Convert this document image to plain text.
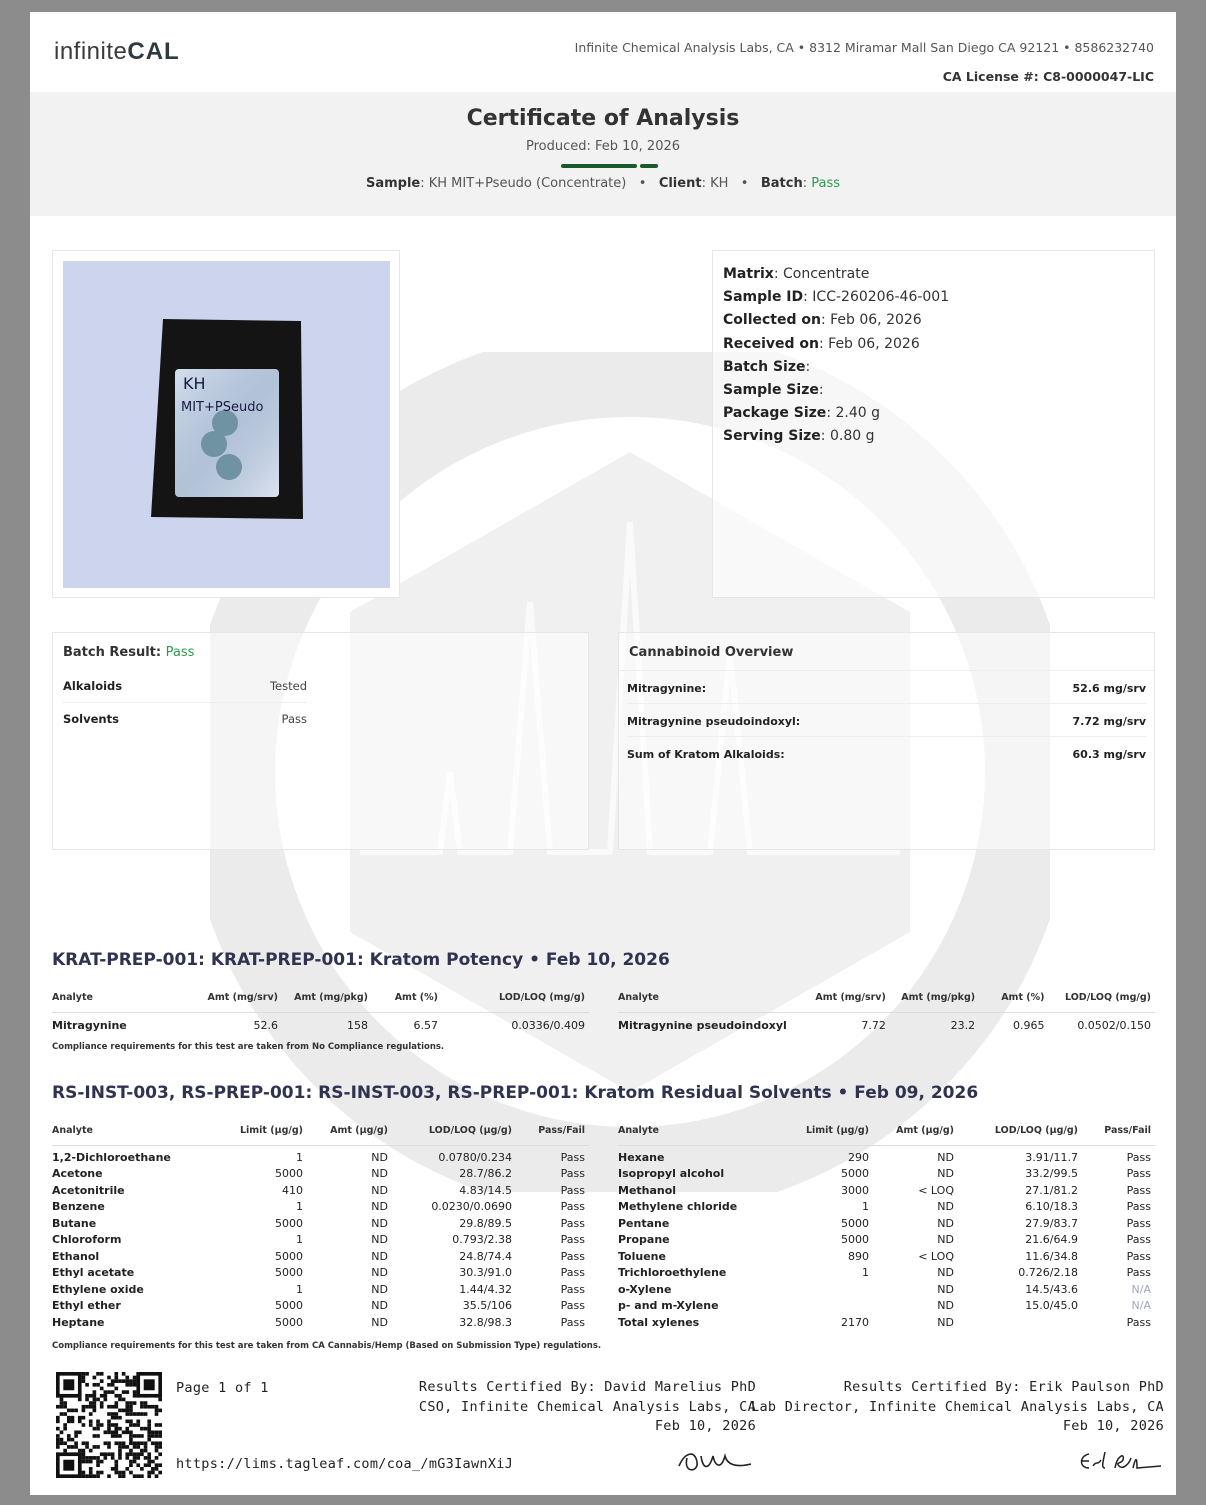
infiniteCAL	Infinite Chemical Analysis Labs, CA • 8312 Miramar Mall San Diego CA 92121 • 8586232740
CA License #: C8-0000047-LIC
Certificate of Analysis
Produced: Feb 10, 2026
Sample: KH MIT+Pseudo (Concentrate) • Client: KH • Batch: Pass
KH
MIT+PSeudo
Matrix: Concentrate
Sample ID: ICC-260206-46-001
Collected on: Feb 06, 2026
Received on: Feb 06, 2026
Batch Size:
Sample Size:
Package Size: 2.40 g
Serving Size: 0.80 g
Batch Result: Pass
Alkaloids	Tested
Solvents	Pass
Cannabinoid Overview
Mitragynine:	52.6 mg/srv
Mitragynine pseudoindoxyl:	7.72 mg/srv
Sum of Kratom Alkaloids:	60.3 mg/srv
KRAT-PREP-001: KRAT-PREP-001: Kratom Potency • Feb 10, 2026
Analyte	Amt (mg/srv)	Amt (mg/pkg)	Amt (%)	LOD/LOQ (mg/g)
Mitragynine	52.6	158	6.57	0.0336/0.409
Analyte	Amt (mg/srv)	Amt (mg/pkg)	Amt (%)	LOD/LOQ (mg/g)
Mitragynine pseudoindoxyl	7.72	23.2	0.965	0.0502/0.150
Compliance requirements for this test are taken from No Compliance regulations.
RS-INST-003, RS-PREP-001: RS-INST-003, RS-PREP-001: Kratom Residual Solvents • Feb 09, 2026
Analyte	Limit (µg/g)	Amt (µg/g)	LOD/LOQ (µg/g)	Pass/Fail

1,2-Dichloroethane	1	ND	0.0780/0.234	Pass
Acetone	5000	ND	28.7/86.2	Pass
Acetonitrile	410	ND	4.83/14.5	Pass
Benzene	1	ND	0.0230/0.0690	Pass
Butane	5000	ND	29.8/89.5	Pass
Chloroform	1	ND	0.793/2.38	Pass
Ethanol	5000	ND	24.8/74.4	Pass
Ethyl acetate	5000	ND	30.3/91.0	Pass
Ethylene oxide	1	ND	1.44/4.32	Pass
Ethyl ether	5000	ND	35.5/106	Pass
Heptane	5000	ND	32.8/98.3	Pass
Analyte	Limit (µg/g)	Amt (µg/g)	LOD/LOQ (µg/g)	Pass/Fail

Hexane	290	ND	3.91/11.7	Pass
Isopropyl alcohol	5000	ND	33.2/99.5	Pass
Methanol	3000	< LOQ	27.1/81.2	Pass
Methylene chloride	1	ND	6.10/18.3	Pass
Pentane	5000	ND	27.9/83.7	Pass
Propane	5000	ND	21.6/64.9	Pass
Toluene	890	< LOQ	11.6/34.8	Pass
Trichloroethylene	1	ND	0.726/2.18	Pass
o-Xylene		ND	14.5/43.6	N/A
p- and m-Xylene		ND	15.0/45.0	N/A
Total xylenes	2170	ND		Pass
Compliance requirements for this test are taken from CA Cannabis/Hemp (Based on Submission Type) regulations.
Page 1 of 1
https://lims.tagleaf.com/coa_/mG3IawnXiJ
Results Certified By: David Marelius PhD
CSO, Infinite Chemical Analysis Labs, CA
Feb 10, 2026
Results Certified By: Erik Paulson PhD
Lab Director, Infinite Chemical Analysis Labs, CA
Feb 10, 2026
